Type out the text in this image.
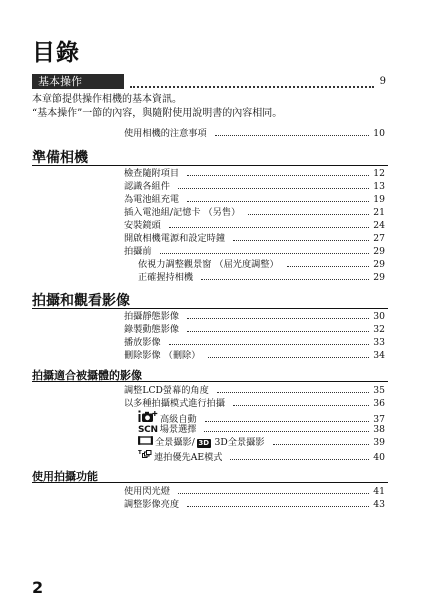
目錄
基本操作	9
本章節提供操作相機的基本資訊。
“基本操作”一節的內容，與隨附使用說明書的內容相同。
使用相機的注意事項	10
準備相機
檢查隨附項目	12
認識各組件	13
為電池組充電	19
插入電池組/記憶卡 （另售）	21
安裝鏡頭	24
開啟相機電源和設定時鐘	27
拍攝前	29
依視力調整觀景窗 （屈光度調整）	29
正確握持相機	29
拍攝和觀看影像
拍攝靜態影像	30
錄製動態影像	32
播放影像	33
刪除影像 （刪除）	34
拍攝適合被攝體的影像
調整LCD螢幕的角度	35
以多種拍攝模式進行拍攝	36
高級自動	37
SCN 場景選擇	38
全景攝影/ 3D 3D全景攝影	39
T 連拍優先AE模式	40
使用拍攝功能
使用閃光燈	41
調整影像亮度	43
2
